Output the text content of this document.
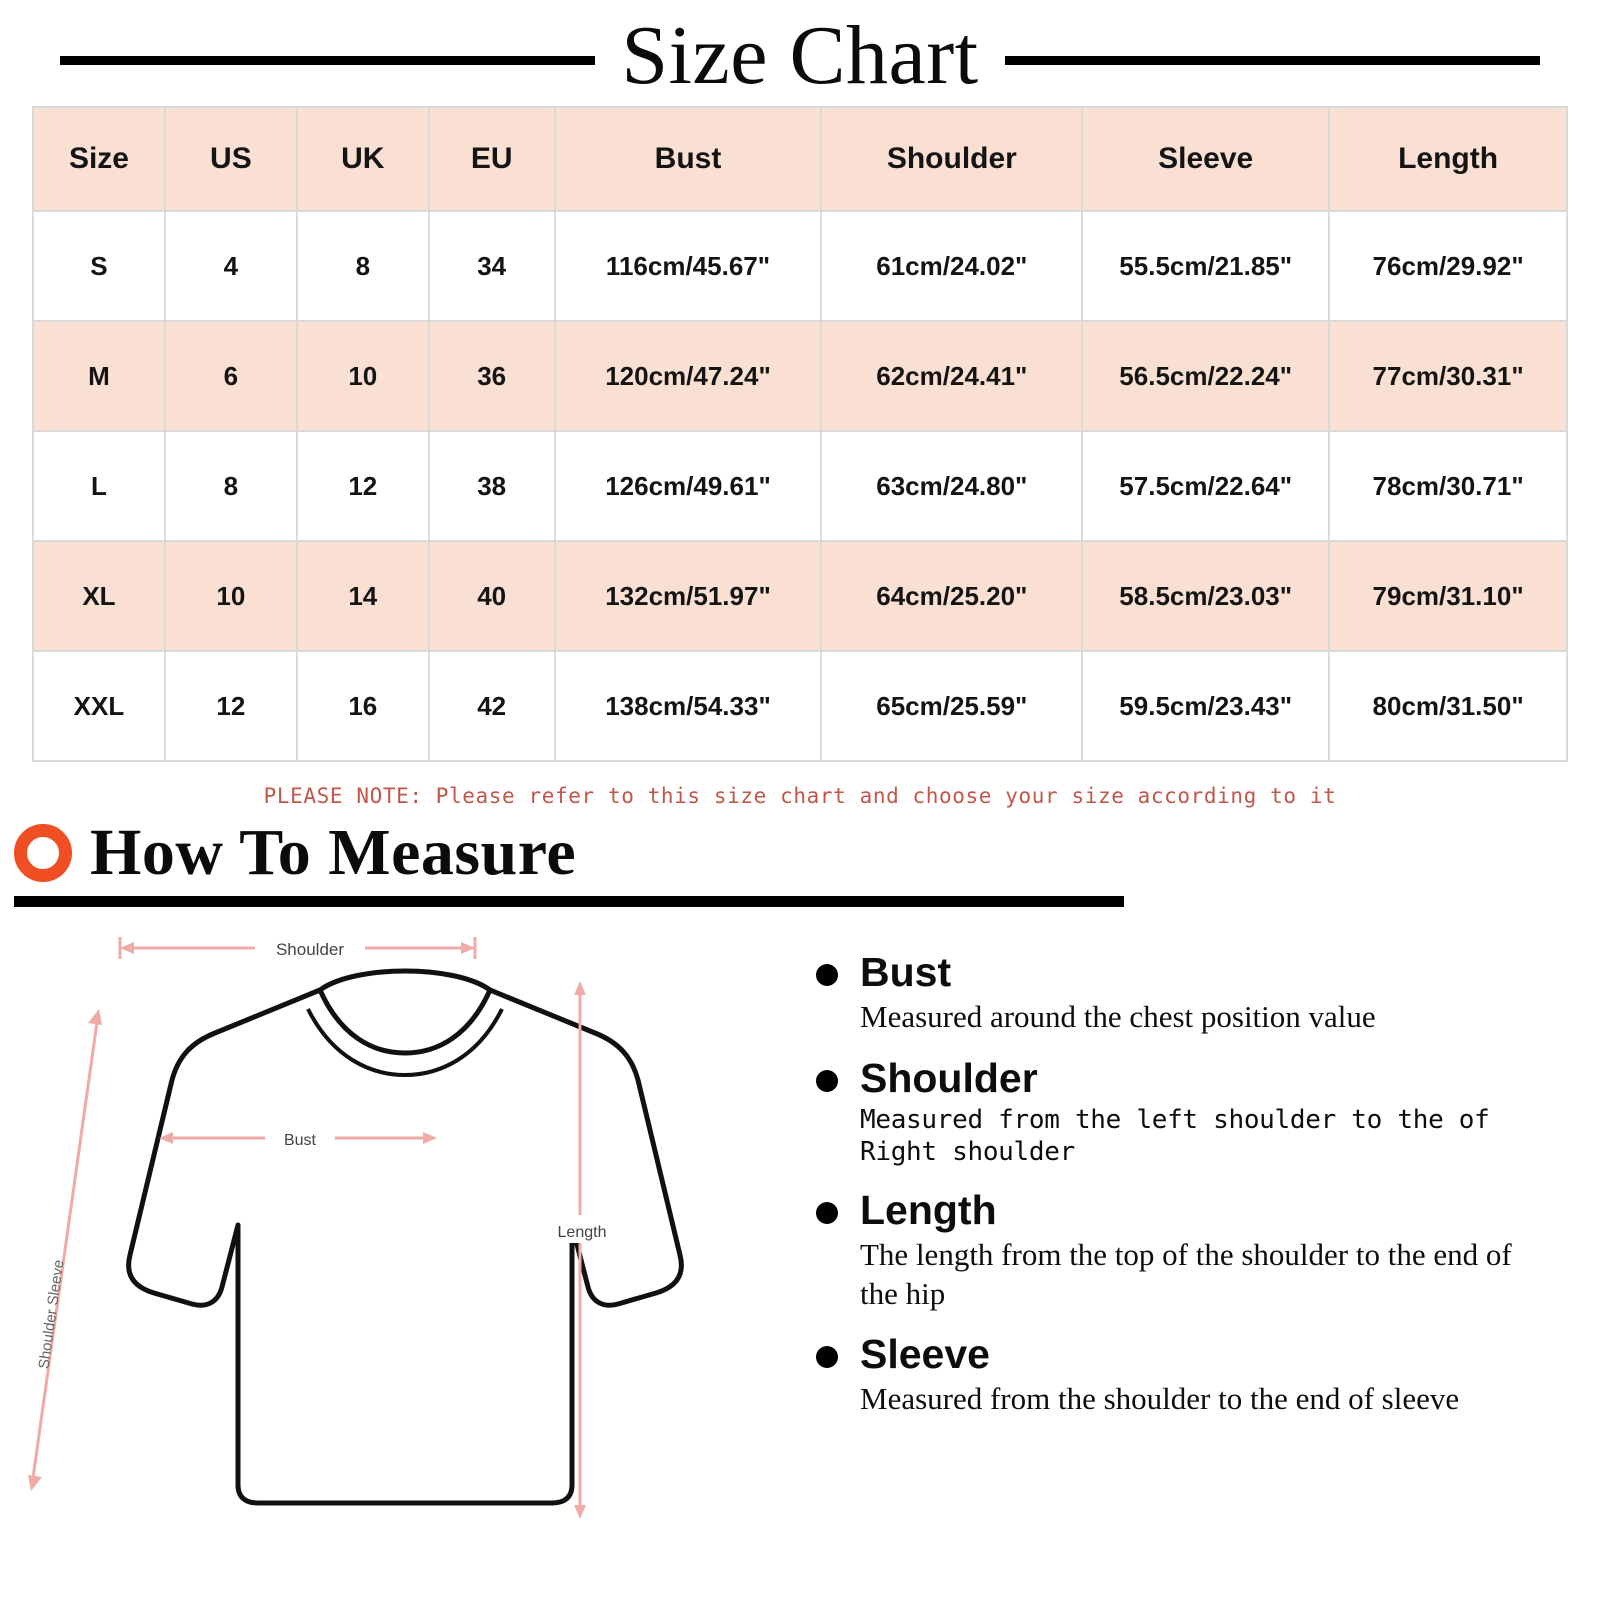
Size Chart
Size	US	UK	EU	Bust	Shoulder	Sleeve	Length
S	4	8	34	116cm/45.67"	61cm/24.02"	55.5cm/21.85"	76cm/29.92"
M	6	10	36	120cm/47.24"	62cm/24.41"	56.5cm/22.24"	77cm/30.31"
L	8	12	38	126cm/49.61"	63cm/24.80"	57.5cm/22.64"	78cm/30.71"
XL	10	14	40	132cm/51.97"	64cm/25.20"	58.5cm/23.03"	79cm/31.10"
XXL	12	16	42	138cm/54.33"	65cm/25.59"	59.5cm/23.43"	80cm/31.50"
PLEASE NOTE: Please refer to this size chart and choose your size according to it
How To Measure
Shoulder
Bust
Length
Shoulder Sleeve
Bust
Measured around the chest position value
Shoulder
Measured from the left shoulder to the of Right shoulder
Length
The length from the top of the shoulder to the end of the hip
Sleeve
Measured from the shoulder to the end of sleeve
